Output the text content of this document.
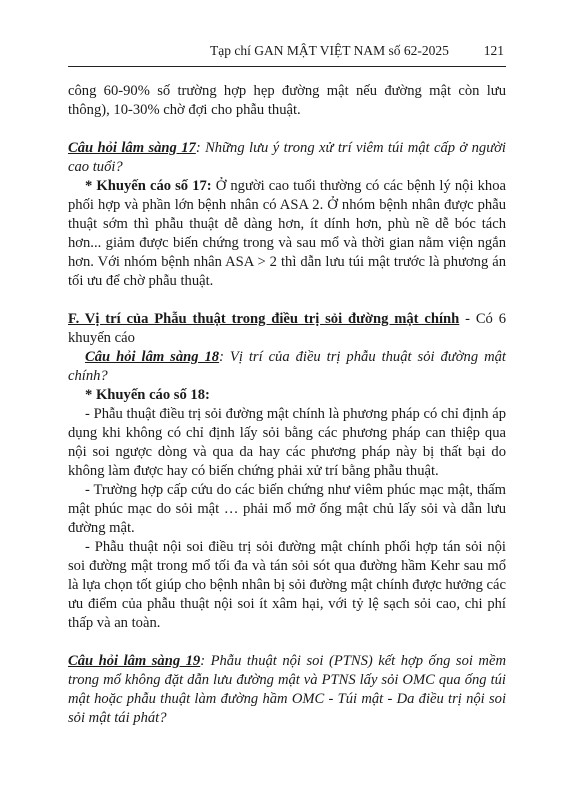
Tạp chí GAN MẬT VIỆT NAM số 62-2025	121

công 60-90% số trường hợp hẹp đường mật nếu đường mật còn lưu thông), 10-30% chờ đợi cho phẫu thuật.

Câu hỏi lâm sàng 17: Những lưu ý trong xử trí viêm túi mật cấp ở người cao tuổi?

* Khuyến cáo số 17: Ở người cao tuổi thường có các bệnh lý nội khoa phối hợp và phần lớn bệnh nhân có ASA 2. Ở nhóm bệnh nhân được phẫu thuật sớm thì phẫu thuật dễ dàng hơn, ít dính hơn, phù nề dễ bóc tách hơn... giảm được biến chứng trong và sau mổ và thời gian nằm viện ngắn hơn. Với nhóm bệnh nhân ASA > 2 thì dẫn lưu túi mật trước là phương án tối ưu để chờ phẫu thuật.

F. Vị trí của Phẫu thuật trong điều trị sỏi đường mật chính - Có 6 khuyến cáo

Câu hỏi lâm sàng 18: Vị trí của điều trị phẫu thuật sỏi đường mật chính?

* Khuyến cáo số 18:

- Phẫu thuật điều trị sỏi đường mật chính là phương pháp có chỉ định áp dụng khi không có chỉ định lấy sỏi bằng các phương pháp can thiệp qua nội soi ngược dòng và qua da hay các phương pháp này bị thất bại do không làm được hay có biến chứng phải xử trí bằng phẫu thuật.

- Trường hợp cấp cứu do các biến chứng như viêm phúc mạc mật, thấm mật phúc mạc do sỏi mật … phải mổ mở ống mật chủ lấy sỏi và dẫn lưu đường mật.

- Phẫu thuật nội soi điều trị sỏi đường mật chính phối hợp tán sỏi nội soi đường mật trong mổ tối đa và tán sỏi sót qua đường hầm Kehr sau mổ là lựa chọn tốt giúp cho bệnh nhân bị sỏi đường mật chính được hưởng các ưu điểm của phẫu thuật nội soi ít xâm hại, với tỷ lệ sạch sỏi cao, chi phí thấp và an toàn.

Câu hỏi lâm sàng 19: Phẫu thuật nội soi (PTNS) kết hợp ống soi mềm trong mổ không đặt dẫn lưu đường mật và PTNS lấy sỏi OMC qua ống túi mật hoặc phẫu thuật làm đường hầm OMC - Túi mật - Da điều trị nội soi sỏi mật tái phát?
